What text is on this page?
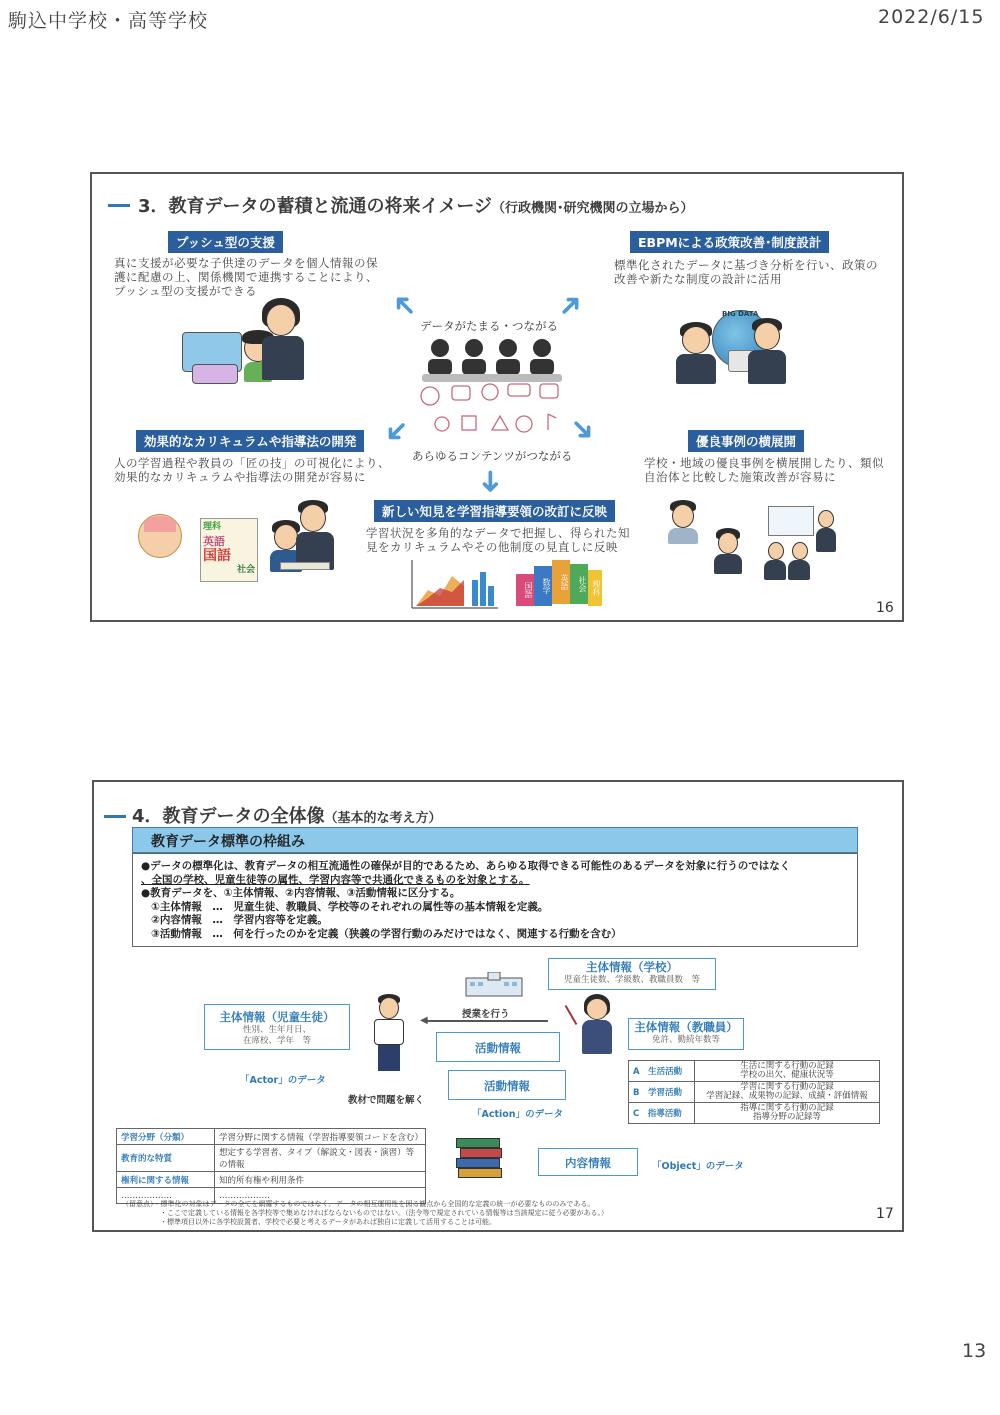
駒込中学校・高等学校	2022/6/15
3．教育データの蓄積と流通の将来イメージ（行政機関･研究機関の立場から）
プッシュ型の支援
真に支援が必要な子供達のデータを個人情報の保護に配慮の上、関係機関で連携することにより、プッシュ型の支援ができる
EBPMによる政策改善･制度設計
標準化されたデータに基づき分析を行い、政策の改善や新たな制度の設計に活用
効果的なカリキュラムや指導法の開発
人の学習過程や教員の「匠の技」の可視化により、効果的なカリキュラムや指導法の開発が容易に
優良事例の横展開
学校・地域の優良事例を横展開したり、類似自治体と比較した施策改善が容易に
新しい知見を学習指導要領の改訂に反映
学習状況を多角的なデータで把握し、得られた知見をカリキュラムやその他制度の見直しに反映
データがたまる・つながる
あらゆるコンテンツがつながる
➜	➜
➜	➜
➜
BIG DATA
理科
英語
国語
社会
国語	数学	英語	社会 理科
16
4．教育データの全体像（基本的な考え方）
教育データ標準の枠組み
●データの標準化は、教育データの相互流通性の確保が目的であるため、あらゆる取得できる可能性のあるデータを対象に行うのではなく
、全国の学校、児童生徒等の属性、学習内容等で共通化できるものを対象とする。
●教育データを、①主体情報、②内容情報、③活動情報に区分する。
①主体情報　…　児童生徒、教職員、学校等のそれぞれの属性等の基本情報を定義。
②内容情報　…　学習内容等を定義。
③活動情報　…　何を行ったのかを定義（狭義の学習行動のみだけではなく、関連する行動を含む）
主体情報（学校）
児童生徒数、学級数、教職員数　等
主体情報（児童生徒）
性別、生年月日、
在席校、学年　等
授業を行う
◀	主体情報（教職員）
免許、勤続年数等
活動情報
活動情報
「Actor」のデータ
「Action」のデータ
教材で問題を解く
A　生活活動	生活に関する行動の記録
学校の出欠、健康状況等

B　学習活動	学習に関する行動の記録
学習記録、成果物の記録、成績・評価情報

C　指導活動	指導に関する行動の記録
指導分野の記録等
学習分野（分類）	学習分野に関する情報（学習指導要領コードを含む）
教育的な特質	想定する学習者、タイプ（解説文・図表・演習）等の情報
権利に関する情報	知的所有権や利用条件
………………	………………
内容情報	「Object」のデータ
（留意点）・標準化の対象はデータの全てを網羅するものではなく、データの相互運用性を図る観点から全国的な定義の統一が必要なもののみである。
・ここで定義している情報を各学校等で集めなければならないものではない。（法令等で規定されている情報等は当該規定に従う必要がある。）
・標準項目以外に各学校設置者、学校で必要と考えるデータがあれば独自に定義して活用することは可能。	17
13
